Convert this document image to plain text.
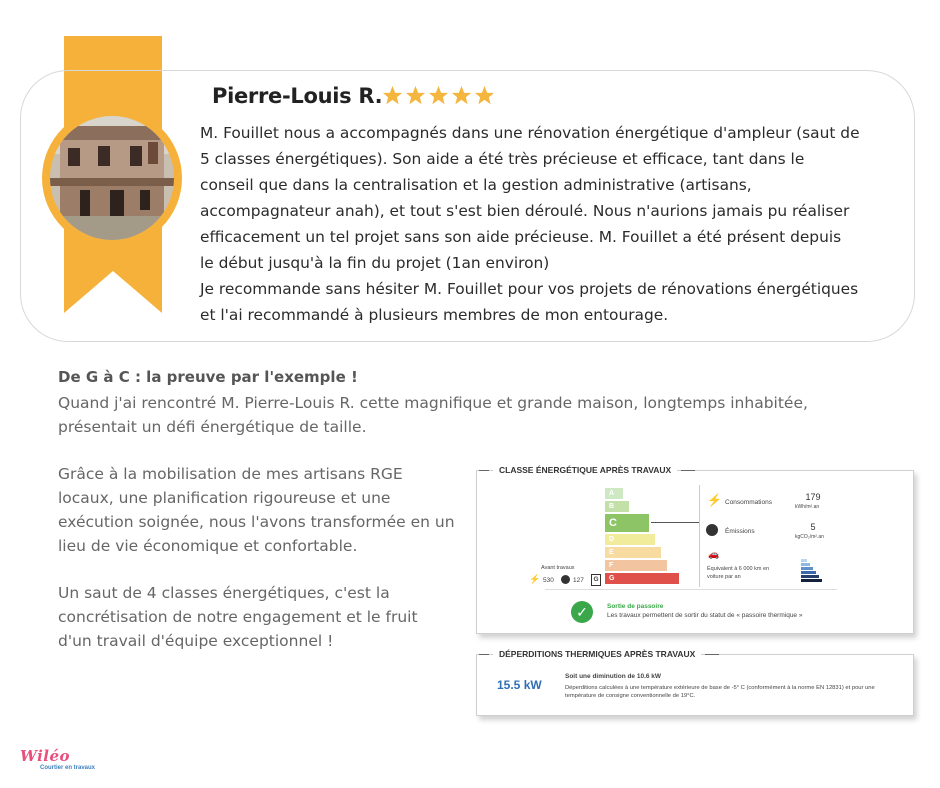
Pierre-Louis R.

M. Fouillet nous a accompagnés dans une rénovation énergétique d'ampleur (saut de

5 classes énergétiques). Son aide a été très précieuse et efficace, tant dans le

conseil que dans la centralisation et la gestion administrative (artisans,

accompagnateur anah), et tout s'est bien déroulé. Nous n'aurions jamais pu réaliser

efficacement un tel projet sans son aide précieuse. M. Fouillet a été présent depuis

le début jusqu'à la fin du projet (1an environ)

Je recommande sans hésiter M. Fouillet pour vos projets de rénovations énergétiques

et l'ai recommandé à plusieurs membres de mon entourage.

De G à C : la preuve par l'exemple !
Quand j'ai rencontré M. Pierre-Louis R. cette magnifique et grande maison, longtemps inhabitée, présentait un défi énergétique de taille.
Grâce à la mobilisation de mes artisans RGE locaux, une planification rigoureuse et une exécution soignée, nous l'avons transformée en un lieu de vie économique et confortable.
Un saut de 4 classes énergétiques, c'est la concrétisation de notre engagement et le fruit d'un travail d'équipe exceptionnel !
CLASSE ÉNERGÉTIQUE APRÈS TRAVAUX
A
B
C
D
E
F
G
Avant travaux
⚡ 530	127	G
⚡ Consommations
179
kWh/m².an
Émissions	5
kgCO₂/m².an
🚗
Équivalent à 6 000 km en voiture par an
✓	Sortie de passoire
Les travaux permettent de sortir du statut de « passoire thermique »
DÉPERDITIONS THERMIQUES APRÈS TRAVAUX
15.5 kW
Soit une diminution de 10.6 kW
Déperditions calculées à une température extérieure de base de -5° C (conformément à la norme EN 12831) et pour une température de consigne conventionnelle de 19°C.
Wiléo
Courtier en travaux
